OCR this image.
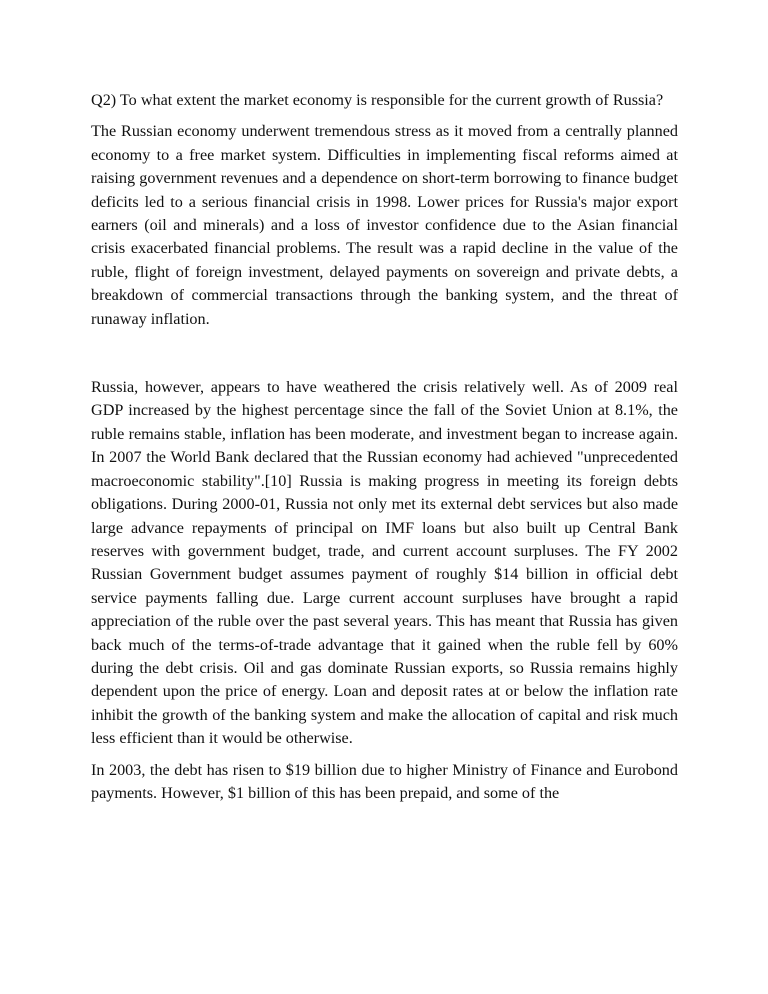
Q2) To what extent the market economy is responsible for the current growth of Russia?

The Russian economy underwent tremendous stress as it moved from a centrally planned economy to a free market system. Difficulties in implementing fiscal reforms aimed at raising government revenues and a dependence on short-term borrowing to finance budget deficits led to a serious financial crisis in 1998. Lower prices for Russia's major export earners (oil and minerals) and a loss of investor confidence due to the Asian financial crisis exacerbated financial problems. The result was a rapid decline in the value of the ruble, flight of foreign investment, delayed payments on sovereign and private debts, a breakdown of commercial transactions through the banking system, and the threat of runaway inflation.

Russia, however, appears to have weathered the crisis relatively well. As of 2009 real GDP increased by the highest percentage since the fall of the Soviet Union at 8.1%, the ruble remains stable, inflation has been moderate, and investment began to increase again. In 2007 the World Bank declared that the Russian economy had achieved "unprecedented macroeconomic stability".[10] Russia is making progress in meeting its foreign debts obligations. During 2000-01, Russia not only met its external debt services but also made large advance repayments of principal on IMF loans but also built up Central Bank reserves with government budget, trade, and current account surpluses. The FY 2002 Russian Government budget assumes payment of roughly $14 billion in official debt service payments falling due. Large current account surpluses have brought a rapid appreciation of the ruble over the past several years. This has meant that Russia has given back much of the terms-of-trade advantage that it gained when the ruble fell by 60% during the debt crisis. Oil and gas dominate Russian exports, so Russia remains highly dependent upon the price of energy. Loan and deposit rates at or below the inflation rate inhibit the growth of the banking system and make the allocation of capital and risk much less efficient than it would be otherwise.

In 2003, the debt has risen to $19 billion due to higher Ministry of Finance and Eurobond payments. However, $1 billion of this has been prepaid, and some of the
